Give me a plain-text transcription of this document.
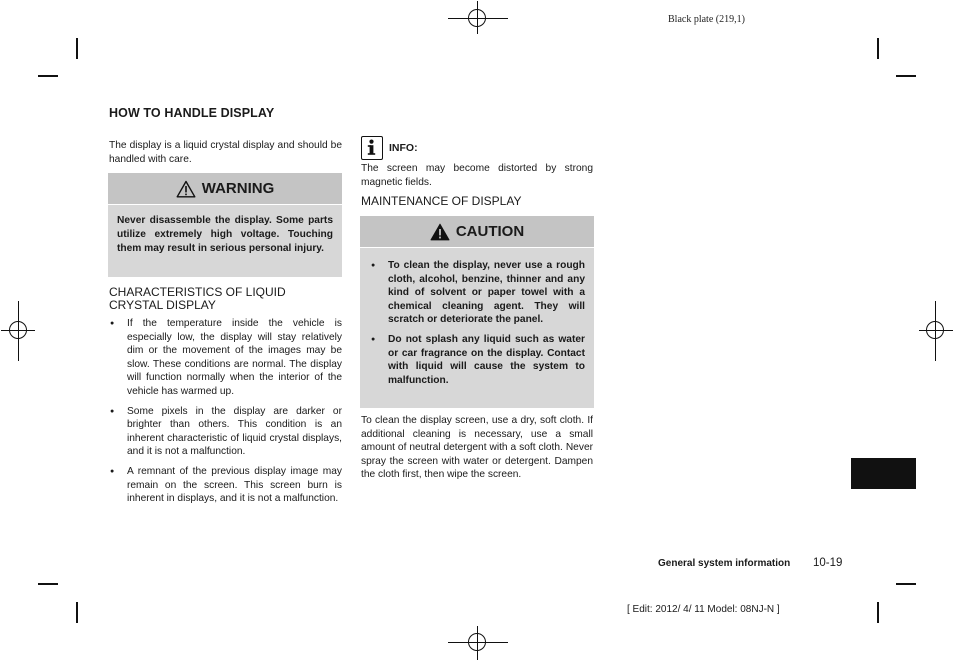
Black plate (219,1)
HOW TO HANDLE DISPLAY
The display is a liquid crystal display and should be handled with care.
WARNING
Never disassemble the display. Some parts utilize extremely high voltage. Touching them may result in serious personal injury.
CHARACTERISTICS OF LIQUID
CRYSTAL DISPLAY
● If the temperature inside the vehicle is especially low, the display will stay relatively dim or the movement of the images may be slow. These conditions are normal. The display will function normally when the interior of the vehicle has warmed up.
● Some pixels in the display are darker or brighter than others. This condition is an inherent characteristic of liquid crystal displays, and it is not a malfunction.
● A remnant of the previous display image may remain on the screen. This screen burn is inherent in displays, and it is not a malfunction.
INFO:
The screen may become distorted by strong magnetic fields.
MAINTENANCE OF DISPLAY
CAUTION
● To clean the display, never use a rough cloth, alcohol, benzine, thinner and any kind of solvent or paper towel with a chemical cleaning agent. They will scratch or deteriorate the panel.
● Do not splash any liquid such as water or car fragrance on the display. Contact with liquid will cause the system to malfunction.
To clean the display screen, use a dry, soft cloth. If additional cleaning is necessary, use a small amount of neutral detergent with a soft cloth. Never spray the screen with water or detergent. Dampen the cloth first, then wipe the screen.
General system information 10-19
[ Edit: 2012/ 4/ 11 Model: 08NJ-N ]
